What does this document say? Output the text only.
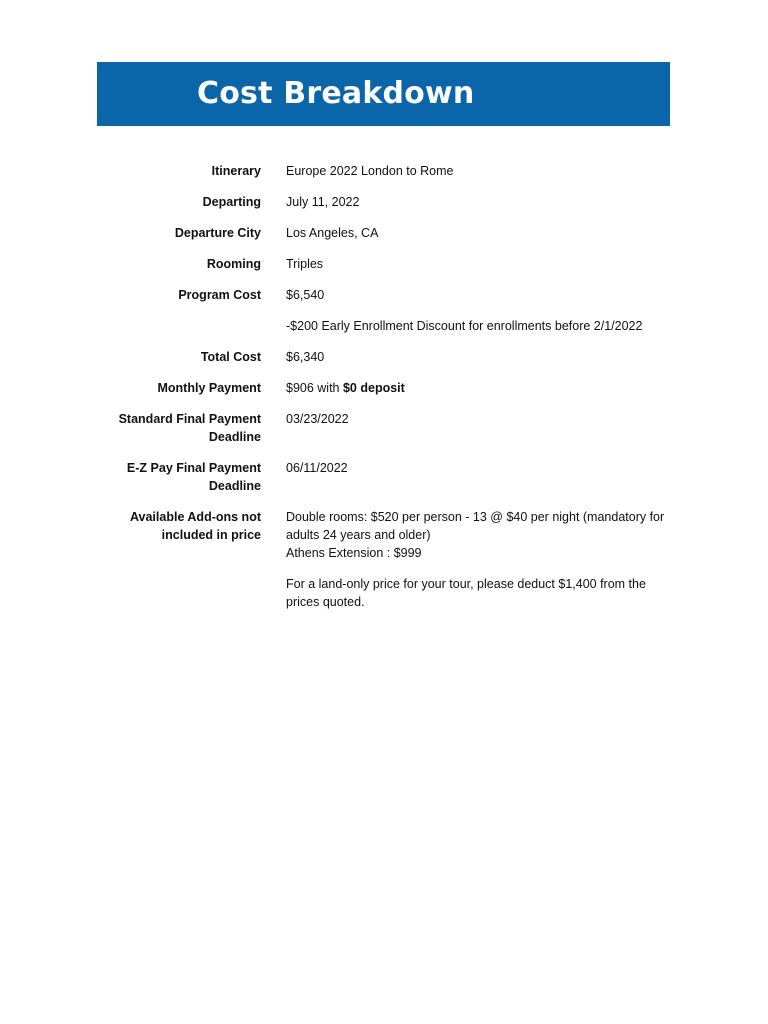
Cost Breakdown
Itinerary Europe 2022 London to Rome
Departing July 11, 2022
Departure City Los Angeles, CA
Rooming Triples
Program Cost $6,540
-$200 Early Enrollment Discount for enrollments before 2/1/2022
Total Cost $6,340
Monthly Payment $906 with $0 deposit
Standard Final Payment Deadline
03/23/2022
E-Z Pay Final Payment Deadline
06/11/2022
Available Add-ons not included in price

Double rooms: $520 per person - 13 @ $40 per night (mandatory for adults 24 years and older)
Athens Extension : $999

For a land-only price for your tour, please deduct $1,400 from the prices quoted.
